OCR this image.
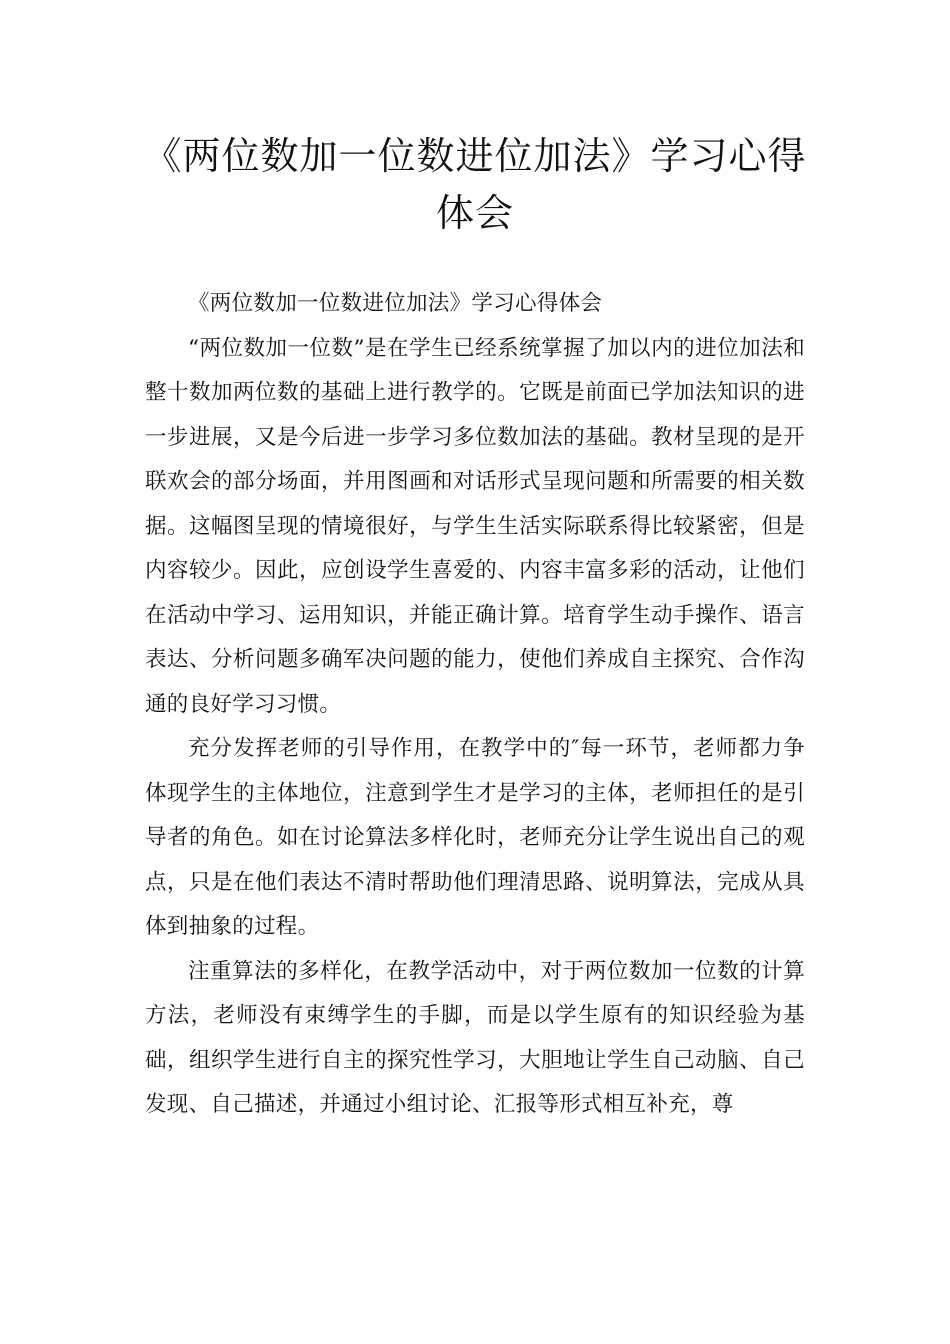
《两位数加一位数进位加法》学习心得
体会

《两位数加一位数进位加法》学习心得体会

“两位数加一位数”是在学生已经系统掌握了加以内的进位加法和整十数加两位数的基础上进行教学的。它既是前面已学加法知识的进一步进展，又是今后进一步学习多位数加法的基础。教材呈现的是开联欢会的部分场面，并用图画和对话形式呈现问题和所需要的相关数据。这幅图呈现的情境很好，与学生生活实际联系得比较紧密，但是内容较少。因此，应创设学生喜爱的、内容丰富多彩的活动，让他们在活动中学习、运用知识，并能正确计算。培育学生动手操作、语言表达、分析问题多确军决问题的能力，使他们养成自主探究、合作沟通的良好学习习惯。

充分发挥老师的引导作用，在教学中的″每一环节，老师都力争体现学生的主体地位，注意到学生才是学习的主体，老师担任的是引导者的角色。如在讨论算法多样化时，老师充分让学生说出自己的观点，只是在他们表达不清时帮助他们理清思路、说明算法，完成从具体到抽象的过程。

注重算法的多样化，在教学活动中，对于两位数加一位数的计算方法，老师没有束缚学生的手脚，而是以学生原有的知识经验为基础，组织学生进行自主的探究性学习，大胆地让学生自己动脑、自己发现、自己描述，并通过小组讨论、汇报等形式相互补充，尊
